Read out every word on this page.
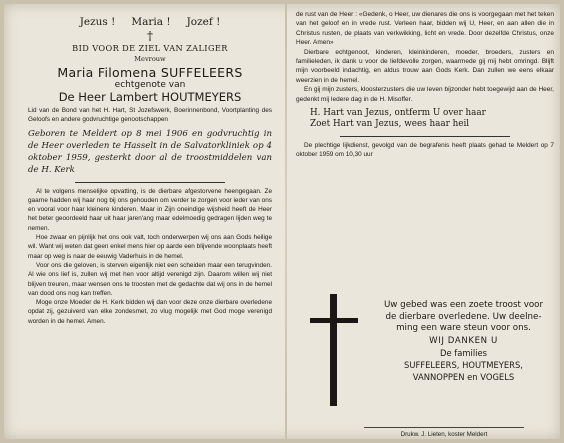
Jezus ! Maria ! Jozef !
†
BID VOOR DE ZIEL VAN ZALIGER
Mevrouw
Maria Filomena SUFFELEERS
echtgenote van
De Heer Lambert HOUTMEYERS
Lid van de Bond van het H. Hart, St Jozefswerk, Boerinnenbond, Voortplanting des Geloofs en andere godvruchtige genootschappen
Geboren te Meldert op 8 mei 1906 en godvruchtig in de Heer overleden te Hasselt in de Salvatorkliniek op 4 oktober 1959, gesterkt door al de troostmiddelen van de H. Kerk

Al te volgens menselijke opvatting, is de dierbare afgestorvene heengegaan. Ze gaarne hadden wij haar nog bij ons gehouden om verder te zorgen voor ieder van ons en vooral voor haar kleinere kinderen. Maar in Zijn oneindige wijsheid heeft de Heer het beter geoordeeld haar uit haar jaren'ang maar edelmoedig gedragen lijden weg te nemen.

Hoe zwaar en pijnlijk het ons ook valt, toch onderwerpen wij ons aan Gods heilige wil. Want wij weten dat geen enkel mens hier op aarde een blijvende woonplaats heeft maar op weg is naar de eeuwig Vaderhuis in de hemel.

Voor ons die geloven, is sterven eigenlijk niet een scheiden maar een terugvinden. Al wie ons lief is, zullen wij met hen voor altijd verenigd zijn. Daarom willen wij niet blijven treuren, maar wensen ons te troosten met de gedachte dat wij ons in de hemel van dood ons nog kan treffen.

Moge onze Moeder de H. Kerk bidden wij dan voor deze onze dierbare overledene opdat zij, gezuiverd van elke zondesmet, zo vlug mogelijk met God moge verenigd worden in de hemel. Amen.

de rust van de Heer : «Gedenk, o Heer, uw dienares die ons is voorgegaan met het teken van het geloof en in vrede rust. Verleen haar, bidden wij U, Heer, en aan allen die in Christus rusten, de plaats van verkwikking, licht en vrede. Door dezelfde Christus, onze Heer. Amen»

Dierbare echtgenoot, kinderen, kleinkinderen, moeder, broeders, zusters en familieleden, ik dank u voor de liefdevolle zorgen, waarmede gij mij hebt omringd. Blijft mijn voorbeeld indachtig, en aldus trouw aan Gods Kerk. Dan zullen we eens elkaar weerzien in de hemel.

En gij mijn zusters, kloosterzusters die uw leven bijzonder hebt toegewijd aan de Heer, gedenkt mij ledere dag in de H. Misoffer.

H. Hart van Jezus, ontferm U over haar
Zoet Hart van Jezus, wees haar heil

De plechtige lijkdienst, gevolgd van de begrafenis heeft plaats gehad te Meldert op 7 oktober 1959 om 10,30 uur

Uw gebed was een zoete troost voor
de dierbare overledene. Uw deelne-
ming een ware steun voor ons.
WIJ DANKEN U
De families
SUFFELEERS, HOUTMEYERS,
VANNOPPEN en VOGELS
Drukw. J. Lieten, koster Meldert
